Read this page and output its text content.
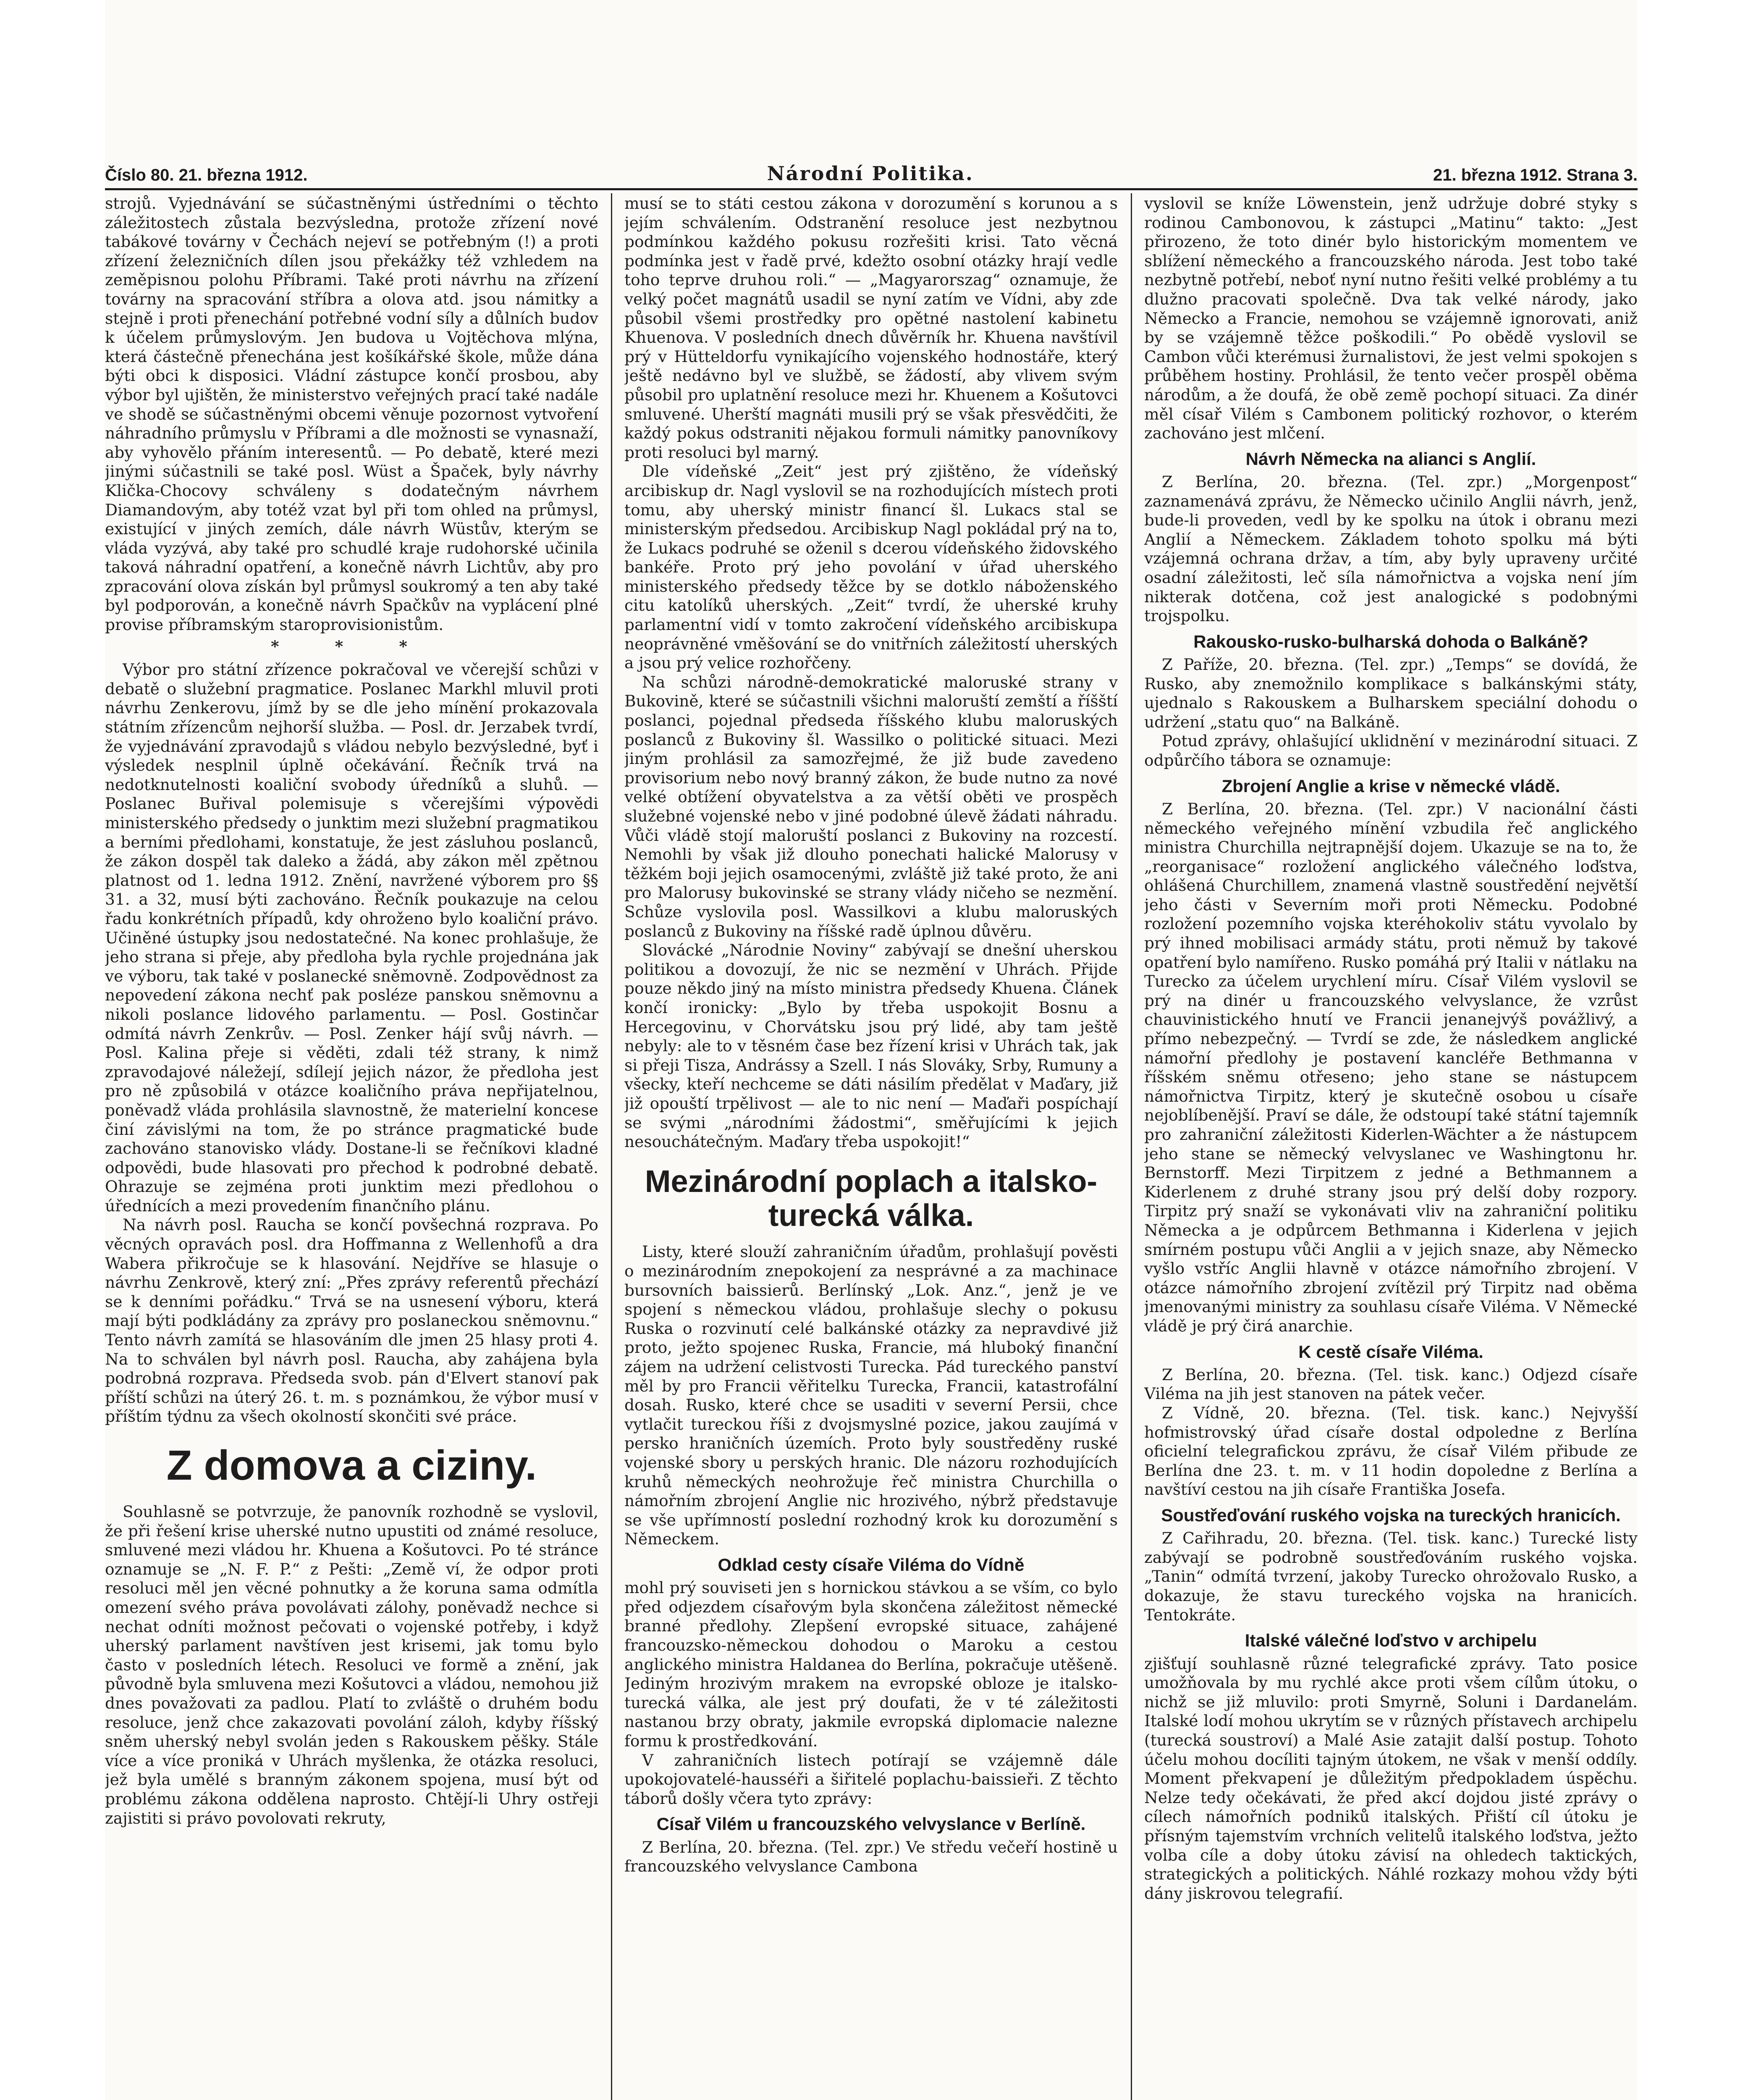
Číslo 80. 21. března 1912.	Národní Politika.	21. března 1912. Strana 3.

strojů. Vyjednávání se súčastněnými ústředními o těchto záležitostech zůstala bezvýsledna, protože zřízení nové tabákové továrny v Čechách nejeví se potřebným (!) a proti zřízení železničních dílen jsou překážky též vzhledem na zeměpisnou polohu Příbrami. Také proti návrhu na zřízení továrny na spracování stříbra a olova atd. jsou námitky a stejně i proti přenechání potřebné vodní síly a důlních budov k účelem průmyslovým. Jen budova u Vojtěchova mlýna, která částečně přenechána jest košíkářské škole, může dána býti obci k disposici. Vládní zástupce končí prosbou, aby výbor byl ujištěn, že ministerstvo veřejných prací také nadále ve shodě se súčastněnými obcemi věnuje pozornost vytvoření náhradního průmyslu v Příbrami a dle možnosti se vynasnaží, aby vyhovělo přáním interesentů. — Po debatě, které mezi jinými súčastnili se také posl. Wüst a Špaček, byly návrhy Klička-Chocovy schváleny s dodatečným návrhem Diamandovým, aby totéž vzat byl při tom ohled na průmysl, existující v jiných zemích, dále návrh Wüstův, kterým se vláda vyzývá, aby také pro schudlé kraje rudohorské učinila taková náhradní opatření, a konečně návrh Lichtův, aby pro zpracování olova získán byl průmysl soukromý a ten aby také byl podporován, a konečně návrh Spačkův na vyplácení plné provise příbramským staroprovisionistům.

* * *

Výbor pro státní zřízence pokračoval ve včerejší schůzi v debatě o služební pragmatice. Poslanec Markhl mluvil proti návrhu Zenkerovu, jímž by se dle jeho mínění prokazovala státním zřízencům nejhorší služba. — Posl. dr. Jerzabek tvrdí, že vyjednávání zpravodajů s vládou nebylo bezvýsledné, byť i výsledek nesplnil úplně očekávání. Řečník trvá na nedotknutelnosti koaliční svobody úředníků a sluhů. — Poslanec Buřival polemisuje s včerejšími výpovědi ministerského předsedy o junktim mezi služební pragmatikou a berními předlohami, konstatuje, že jest zásluhou poslanců, že zákon dospěl tak daleko a žádá, aby zákon měl zpětnou platnost od 1. ledna 1912. Znění, navržené výborem pro §§ 31. a 32, musí býti zachováno. Řečník poukazuje na celou řadu konkrétních případů, kdy ohroženo bylo koaliční právo. Učiněné ústupky jsou nedostatečné. Na konec prohlašuje, že jeho strana si přeje, aby předloha byla rychle projednána jak ve výboru, tak také v poslanecké sněmovně. Zodpovědnost za nepovedení zákona nechť pak posléze panskou sněmovnu a nikoli poslance lidového parlamentu. — Posl. Gostinčar odmítá návrh Zenkrův. — Posl. Zenker hájí svůj návrh. — Posl. Kalina přeje si věděti, zdali též strany, k nimž zpravodajové náležejí, sdílejí jejich názor, že předloha jest pro ně způsobilá v otázce koaličního práva nepřijatelnou, poněvadž vláda prohlásila slavnostně, že materielní koncese činí závislými na tom, že po stránce pragmatické bude zachováno stanovisko vlády. Dostane-li se řečníkovi kladné odpovědi, bude hlasovati pro přechod k podrobné debatě. Ohrazuje se zejména proti junktim mezi předlohou o úřednících a mezi provedením finančního plánu.

Na návrh posl. Raucha se končí povšechná rozprava. Po věcných opravách posl. dra Hoffmanna z Wellenhofů a dra Wabera přikročuje se k hlasování. Nejdříve se hlasuje o návrhu Zenkrově, který zní: „Přes zprávy referentů přechází se k denními pořádku.“ Trvá se na usnesení výboru, která mají býti podkládány za zprávy pro poslaneckou sněmovnu.“ Tento návrh zamítá se hlasováním dle jmen 25 hlasy proti 4. Na to schválen byl návrh posl. Raucha, aby zahájena byla podrobná rozprava. Předseda svob. pán d'Elvert stanoví pak příští schůzi na úterý 26. t. m. s poznámkou, že výbor musí v příštím týdnu za všech okolností skončiti své práce.

Z domova a ciziny.

Souhlasně se potvrzuje, že panovník rozhodně se vyslovil, že při řešení krise uherské nutno upustiti od známé resoluce, smluvené mezi vládou hr. Khuena a Košutovci. Po té stránce oznamuje se „N. F. P.“ z Pešti: „Země ví, že odpor proti resoluci měl jen věcné pohnutky a že koruna sama odmítla omezení svého práva povolávati zálohy, poněvadž nechce si nechat odníti možnost pečovati o vojenské potřeby, i když uherský parlament navštíven jest krisemi, jak tomu bylo často v posledních létech. Resoluci ve formě a znění, jak původně byla smluvena mezi Košutovci a vládou, nemohou již dnes považovati za padlou. Platí to zvláště o druhém bodu resoluce, jenž chce zakazovati povolání záloh, kdyby říšský sněm uherský nebyl svolán jeden s Rakouskem pěšky. Stále více a více proniká v Uhrách myšlenka, že otázka resoluci, jež byla umělé s branným zákonem spojena, musí být od problému zákona oddělena naprosto. Chtějí-li Uhry ostřeji zajistiti si právo povolovati rekruty,

musí se to státi cestou zákona v dorozumění s korunou a s jejím schválením. Odstranění resoluce jest nezbytnou podmínkou každého pokusu rozřešiti krisi. Tato věcná podmínka jest v řadě prvé, kdežto osobní otázky hrají vedle toho teprve druhou roli.“ — „Magyarorszag“ oznamuje, že velký počet magnátů usadil se nyní zatím ve Vídni, aby zde působil všemi prostředky pro opětné nastolení kabinetu Khuenova. V posledních dnech důvěrník hr. Khuena navštívil prý v Hütteldorfu vynikajícího vojenského hodnostáře, který ještě nedávno byl ve službě, se žádostí, aby vlivem svým působil pro uplatnění resoluce mezi hr. Khuenem a Košutovci smluvené. Uherští magnáti musili prý se však přesvědčiti, že každý pokus odstraniti nějakou formuli námitky panovníkovy proti resoluci byl marný.

Dle vídeňské „Zeit“ jest prý zjištěno, že vídeňský arcibiskup dr. Nagl vyslovil se na rozhodujících místech proti tomu, aby uherský ministr financí šl. Lukacs stal se ministerským předsedou. Arcibiskup Nagl pokládal prý na to, že Lukacs podruhé se oženil s dcerou vídeňského židovského bankéře. Proto prý jeho povolání v úřad uherského ministerského předsedy těžce by se dotklo náboženského citu katolíků uherských. „Zeit“ tvrdí, že uherské kruhy parlamentní vidí v tomto zakročení vídeňského arcibiskupa neoprávněné vměšování se do vnitřních záležitostí uherských a jsou prý velice rozhořčeny.

Na schůzi národně-demokratické maloruské strany v Bukovině, které se súčastnili všichni maloruští zemští a říšští poslanci, pojednal předseda říšského klubu maloruských poslanců z Bukoviny šl. Wassilko o politické situaci. Mezi jiným prohlásil za samozřejmé, že již bude zavedeno provisorium nebo nový branný zákon, že bude nutno za nové velké obtížení obyvatelstva a za větší oběti ve prospěch služebné vojenské nebo v jiné podobné úlevě žádati náhradu. Vůči vládě stojí maloruští poslanci z Bukoviny na rozcestí. Nemohli by však již dlouho ponechati halické Malorusy v těžkém boji jejich osamocenými, zvláště již také proto, že ani pro Malorusy bukovinské se strany vlády ničeho se nezmění. Schůze vyslovila posl. Wassilkovi a klubu maloruských poslanců z Bukoviny na říšské radě úplnou důvěru.

Slovácké „Národnie Noviny“ zabývají se dnešní uherskou politikou a dovozují, že nic se nezmění v Uhrách. Přijde pouze někdo jiný na místo ministra předsedy Khuena. Článek končí ironicky: „Bylo by třeba uspokojit Bosnu a Hercegovinu, v Chorvátsku jsou prý lidé, aby tam ještě nebyly: ale to v těsném čase bez řízení krisi v Uhrách tak, jak si přeji Tisza, Andrássy a Szell. I nás Slováky, Srby, Rumuny a všecky, kteří nechceme se dáti násilím předělat v Maďary, již již opouští trpělivost — ale to nic není — Maďaři pospíchají se svými „národními žádostmi“, směřujícími k jejich nesouchátečným. Maďary třeba uspokojit!“

Mezinárodní poplach a italsko-turecká válka.

Listy, které slouží zahraničním úřadům, prohlašují pověsti o mezinárodním znepokojení za nesprávné a za machinace bursovních baissierů. Berlínský „Lok. Anz.“, jenž je ve spojení s německou vládou, prohlašuje slechy o pokusu Ruska o rozvinutí celé balkánské otázky za nepravdivé již proto, ježto spojenec Ruska, Francie, má hluboký finanční zájem na udržení celistvosti Turecka. Pád tureckého panství měl by pro Francii věřitelku Turecka, Francii, katastrofální dosah. Rusko, které chce se usaditi v severní Persii, chce vytlačit tureckou říši z dvojsmyslné pozice, jakou zaujímá v persko hraničních územích. Proto byly soustředěny ruské vojenské sbory u perských hranic. Dle názoru rozhodujících kruhů německých neohrožuje řeč ministra Churchilla o námořním zbrojení Anglie nic hrozivého, nýbrž představuje se vše upřímností poslední rozhodný krok ku dorozumění s Německem.

Odklad cesty císaře Viléma do Vídně

mohl prý souviseti jen s hornickou stávkou a se vším, co bylo před odjezdem císařovým byla skončena záležitost německé branné předlohy. Zlepšení evropské situace, zahájené francouzsko-německou dohodou o Maroku a cestou anglického ministra Haldanea do Berlína, pokračuje utěšeně. Jediným hrozivým mrakem na evropské obloze je italsko-turecká válka, ale jest prý doufati, že v té záležitosti nastanou brzy obraty, jakmile evropská diplomacie nalezne formu k prostředkování.

V zahraničních listech potírají se vzájemně dále upokojovatelé-hausséři a šiřitelé poplachu-baissieři. Z těchto táborů došly včera tyto zprávy:

Císař Vilém u francouzského velvyslance v Berlíně.

Z Berlína, 20. března. (Tel. zpr.) Ve středu večeří hostině u francouzského velvyslance Cambona

vyslovil se kníže Löwenstein, jenž udržuje dobré styky s rodinou Cambonovou, k zástupci „Matinu“ takto: „Jest přirozeno, že toto dinér bylo historickým momentem ve sblížení německého a francouzského národa. Jest tobo také nezbytně potřebí, neboť nyní nutno řešiti velké problémy a tu dlužno pracovati společně. Dva tak velké národy, jako Německo a Francie, nemohou se vzájemně ignorovati, aniž by se vzájemně těžce poškodili.“ Po obědě vyslovil se Cambon vůči kterémusi žurnalistovi, že jest velmi spokojen s průběhem hostiny. Prohlásil, že tento večer prospěl oběma národům, a že doufá, že obě země pochopí situaci. Za dinér měl císař Vilém s Cambonem politický rozhovor, o kterém zachováno jest mlčení.

Návrh Německa na alianci s Anglií.

Z Berlína, 20. března. (Tel. zpr.) „Morgenpost“ zaznamenává zprávu, že Německo učinilo Anglii návrh, jenž, bude-li proveden, vedl by ke spolku na útok i obranu mezi Anglií a Německem. Základem tohoto spolku má býti vzájemná ochrana držav, a tím, aby byly upraveny určité osadní záležitosti, leč síla námořnictva a vojska není jím nikterak dotčena, což jest analogické s podobnými trojspolku.

Rakousko-rusko-bulharská dohoda o Balkáně?

Z Paříže, 20. března. (Tel. zpr.) „Temps“ se dovídá, že Rusko, aby znemožnilo komplikace s balkánskými státy, ujednalo s Rakouskem a Bulharskem speciální dohodu o udržení „statu quo“ na Balkáně.

Potud zprávy, ohlašující uklidnění v mezinárodní situaci. Z odpůrčího tábora se oznamuje:

Zbrojení Anglie a krise v německé vládě.

Z Berlína, 20. března. (Tel. zpr.) V nacionální části německého veřejného mínění vzbudila řeč anglického ministra Churchilla nejtrapnější dojem. Ukazuje se na to, že „reorganisace“ rozložení anglického válečného loďstva, ohlášená Churchillem, znamená vlastně soustředění největší jeho části v Severním moři proti Německu. Podobné rozložení pozemního vojska kteréhokoliv státu vyvolalo by prý ihned mobilisaci armády státu, proti němuž by takové opatření bylo namířeno. Rusko pomáhá prý Italii v nátlaku na Turecko za účelem urychlení míru. Císař Vilém vyslovil se prý na dinér u francouzského velvyslance, že vzrůst chauvinistického hnutí ve Francii jenanejvýš povážlivý, a přímo nebezpečný. — Tvrdí se zde, že následkem anglické námořní předlohy je postavení kancléře Bethmanna v říšském sněmu otřeseno; jeho stane se nástupcem námořnictva Tirpitz, který je skutečně osobou u císaře nejoblíbenější. Praví se dále, že odstoupí také státní tajemník pro zahraniční záležitosti Kiderlen-Wächter a že nástupcem jeho stane se německý velvyslanec ve Washingtonu hr. Bernstorff. Mezi Tirpitzem z jedné a Bethmannem a Kiderlenem z druhé strany jsou prý delší doby rozpory. Tirpitz prý snaží se vykonávati vliv na zahraniční politiku Německa a je odpůrcem Bethmanna i Kiderlena v jejich smírném postupu vůči Anglii a v jejich snaze, aby Německo vyšlo vstříc Anglii hlavně v otázce námořního zbrojení. V otázce námořního zbrojení zvítězil prý Tirpitz nad oběma jmenovanými ministry za souhlasu císaře Viléma. V Německé vládě je prý čirá anarchie.

K cestě císaře Viléma.

Z Berlína, 20. března. (Tel. tisk. kanc.) Odjezd císaře Viléma na jih jest stanoven na pátek večer.

Z Vídně, 20. března. (Tel. tisk. kanc.) Nejvyšší hofmistrovský úřad císaře dostal odpoledne z Berlína oficielní telegrafickou zprávu, že císař Vilém přibude ze Berlína dne 23. t. m. v 11 hodin dopoledne z Berlína a navštíví cestou na jih císaře Františka Josefa.

Soustřeďování ruského vojska na tureckých hranicích.

Z Cařihradu, 20. března. (Tel. tisk. kanc.) Turecké listy zabývají se podrobně soustřeďováním ruského vojska. „Tanin“ odmítá tvrzení, jakoby Turecko ohrožovalo Rusko, a dokazuje, že stavu tureckého vojska na hranicích. Tentokráte.

Italské válečné loďstvo v archipelu

zjišťují souhlasně různé telegrafické zprávy. Tato posice umožňovala by mu rychlé akce proti všem cílům útoku, o nichž se již mluvilo: proti Smyrně, Soluni i Dardanelám. Italské lodí mohou ukrytím se v různých přístavech archipelu (turecká soustroví) a Malé Asie zatajit další postup. Tohoto účelu mohou docíliti tajným útokem, ne však v menší oddíly. Moment překvapení je důležitým předpokladem úspěchu. Nelze tedy očekávati, že před akcí dojdou jisté zprávy o cílech námořních podniků italských. Přiští cíl útoku je přísným tajemstvím vrchních velitelů italského loďstva, ježto volba cíle a doby útoku závisí na ohledech taktických, strategických a politických. Náhlé rozkazy mohou vždy býti dány jiskrovou telegrafií.
